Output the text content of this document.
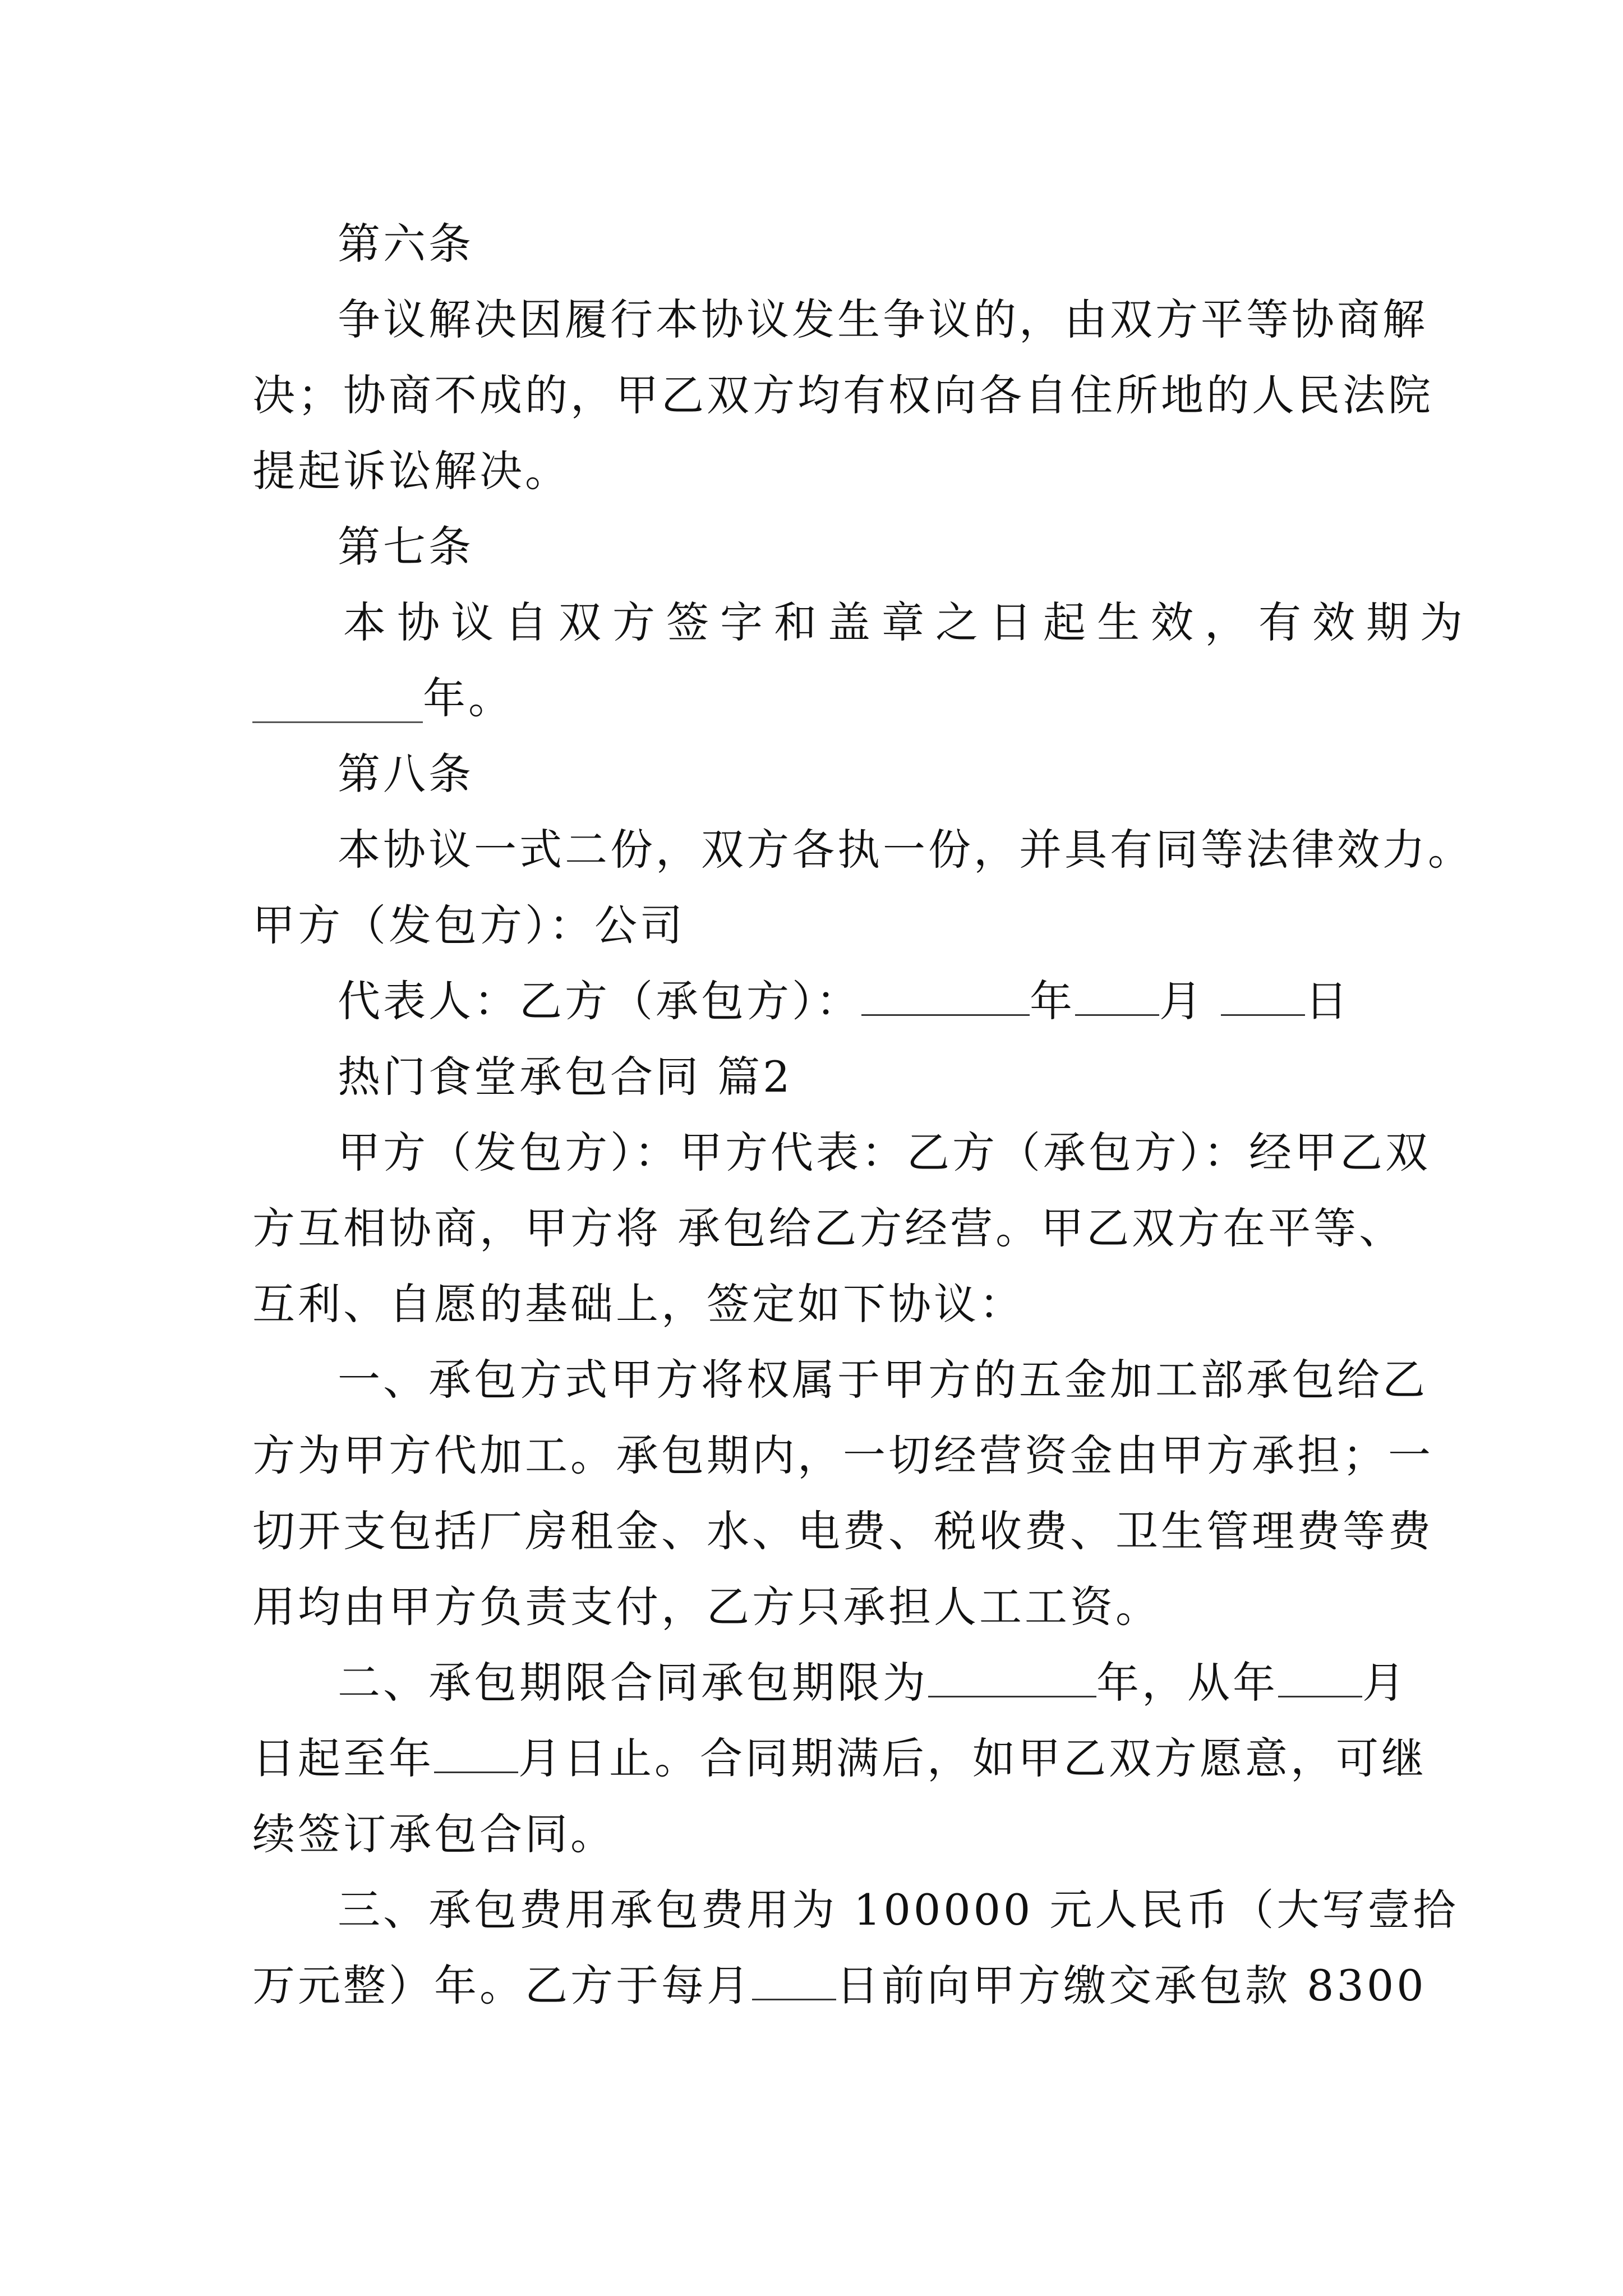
第六条
争议解决因履行本协议发生争议的，由双方平等协商解
决；协商不成的，甲乙双方均有权向各自住所地的人民法院
提起诉讼解决。
第七条
本协议自双方签字和盖章之日起生效，有效期为
________年。
第八条
本协议一式二份，双方各执一份，并具有同等法律效力。
甲方（发包方）：公司
代表人：乙方（承包方）：	年 月 日
热门食堂承包合同 篇2
甲方（发包方）：甲方代表：乙方（承包方）：经甲乙双
方互相协商，甲方将 承包给乙方经营。甲乙双方在平等、
互利、自愿的基础上，签定如下协议：
一、承包方式甲方将权属于甲方的五金加工部承包给乙
方为甲方代加工。承包期内，一切经营资金由甲方承担；一
切开支包括厂房租金、水、电费、税收费、卫生管理费等费
用均由甲方负责支付，乙方只承担人工工资。
二、承包期限合同承包期限为	年，从年 月
日起至年 月日止。合同期满后，如甲乙双方愿意，可继
续签订承包合同。
三、承包费用承包费用为 100000 元人民币（大写壹拾
万元整）年。乙方于每月 日前向甲方缴交承包款 8300
